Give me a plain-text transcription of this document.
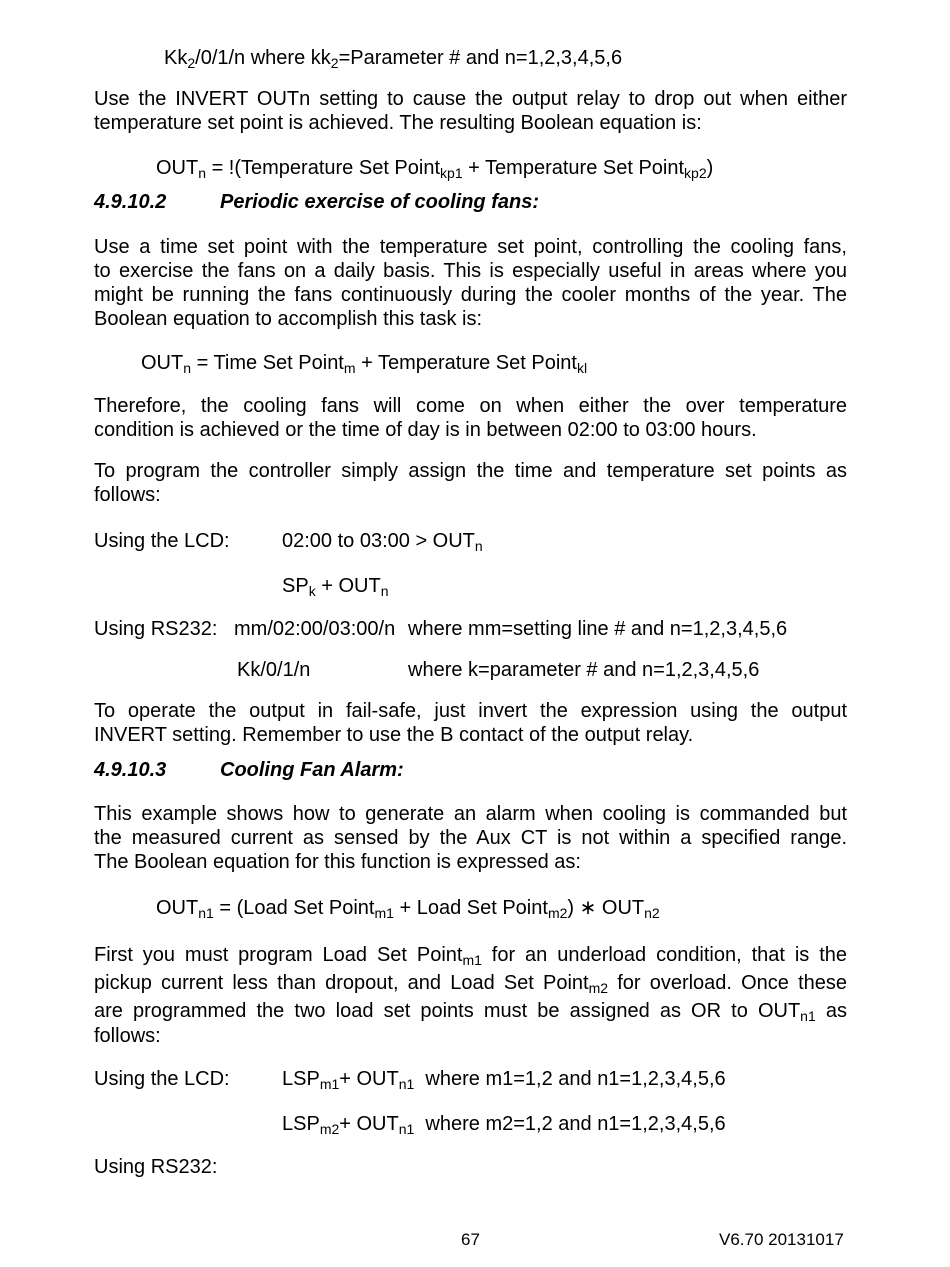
$Kk_2/0/1/n$ where $kk_2=Parameter$ # and n=1,2,3,4,5,6
Use the INVERT OUTn setting to cause the output relay to drop out when either
temperature set point is achieved. The resulting Boolean equation is:
$OUT_n$ = !(Temperature Set Point$_{kp1}$ + Temperature Set Point$_{kp2}$)
4.9.10.2	Periodic exercise of cooling fans:
Use a time set point with the temperature set point, controlling the cooling fans,
to exercise the fans on a daily basis. This is especially useful in areas where you
might be running the fans continuously during the cooler months of the year. The
Boolean equation to accomplish this task is:
$OUT_n$ = Time Set Point$_m$ + Temperature Set Point$_{kl}$
Therefore, the cooling fans will come on when either the over temperature
condition is achieved or the time of day is in between 02:00 to 03:00 hours.
To program the controller simply assign the time and temperature set points as
follows:
Using the LCD:	02:00 to 03:00 > $OUT_n$
$SP_k + OUT_n$
Using RS232: mm/02:00/03:00/n where mm=setting line # and n=1,2,3,4,5,6
Kk/0/1/n	where k=parameter # and n=1,2,3,4,5,6
To operate the output in fail-safe, just invert the expression using the output
INVERT setting. Remember to use the B contact of the output relay.
4.9.10.3	Cooling Fan Alarm:
This example shows how to generate an alarm when cooling is commanded but
the measured current as sensed by the Aux CT is not within a specified range.
The Boolean equation for this function is expressed as:
$OUT_{n1}$ = (Load Set Point$_{m1}$ + Load Set Point$_{m2}$) ∗ $OUT_{n2}$
First you must program Load Set Point$_{m1}$ for an underload condition, that is the
pickup current less than dropout, and Load Set Point$_{m2}$ for overload. Once these
are programmed the two load set points must be assigned as OR to $OUT_{n1}$ as
follows:
Using the LCD:	$LSP_{m1}+ OUT_{n1}$  where m1=1,2 and n1=1,2,3,4,5,6
$LSP_{m2}+ OUT_{n1}$  where m2=1,2 and n1=1,2,3,4,5,6
Using RS232:
67	V6.70 20131017
